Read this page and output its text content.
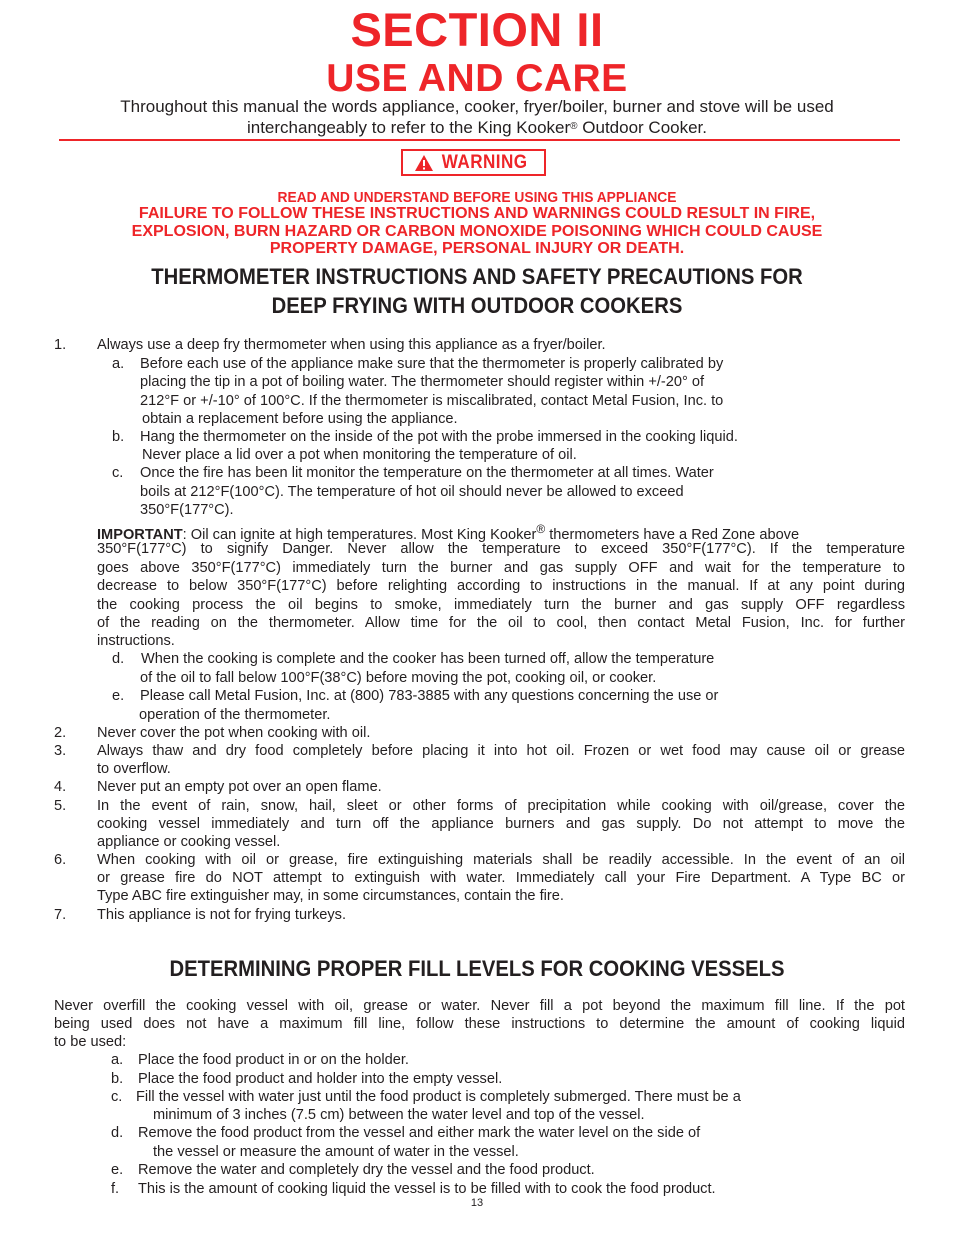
SECTION II
USE AND CARE
Throughout this manual the words appliance, cooker, fryer/boiler, burner and stove will be used
interchangeably to refer to the King Kooker® Outdoor Cooker.
WARNING
READ AND UNDERSTAND BEFORE USING THIS APPLIANCE
FAILURE TO FOLLOW THESE INSTRUCTIONS AND WARNINGS COULD RESULT IN FIRE,
EXPLOSION, BURN HAZARD OR CARBON MONOXIDE POISONING WHICH COULD CAUSE
PROPERTY DAMAGE, PERSONAL INJURY OR DEATH.
THERMOMETER INSTRUCTIONS AND SAFETY PRECAUTIONS FOR
DEEP FRYING WITH OUTDOOR COOKERS
1. Always use a deep fry thermometer when using this appliance as a fryer/boiler.
a. Before each use of the appliance make sure that the thermometer is properly calibrated by
placing the tip in a pot of boiling water. The thermometer should register within +/-20° of
212°F or +/-10° of 100°C. If the thermometer is miscalibrated, contact Metal Fusion, Inc. to
obtain a replacement before using the appliance.
b. Hang the thermometer on the inside of the pot with the probe immersed in the cooking liquid.
Never place a lid over a pot when monitoring the temperature of oil.
c. Once the fire has been lit monitor the temperature on the thermometer at all times. Water
boils at 212°F(100°C). The temperature of hot oil should never be allowed to exceed
350°F(177°C).
IMPORTANT: Oil can ignite at high temperatures. Most King Kooker® thermometers have a Red Zone above
350°F(177°C) to signify Danger. Never allow the temperature to exceed 350°F(177°C). If the temperature
goes above 350°F(177°C) immediately turn the burner and gas supply OFF and wait for the temperature to
decrease to below 350°F(177°C) before relighting according to instructions in the manual. If at any point during
the cooking process the oil begins to smoke, immediately turn the burner and gas supply OFF regardless
of the reading on the thermometer. Allow time for the oil to cool, then contact Metal Fusion, Inc. for further
instructions.
d. When the cooking is complete and the cooker has been turned off, allow the temperature
of the oil to fall below 100°F(38°C) before moving the pot, cooking oil, or cooker.
e. Please call Metal Fusion, Inc. at (800) 783-3885 with any questions concerning the use or
operation of the thermometer.
2. Never cover the pot when cooking with oil.
3. Always thaw and dry food completely before placing it into hot oil. Frozen or wet food may cause oil or grease
to overflow.
4. Never put an empty pot over an open flame.
5. In the event of rain, snow, hail, sleet or other forms of precipitation while cooking with oil/grease, cover the
cooking vessel immediately and turn off the appliance burners and gas supply. Do not attempt to move the
appliance or cooking vessel.
6. When cooking with oil or grease, fire extinguishing materials shall be readily accessible. In the event of an oil
or grease fire do NOT attempt to extinguish with water. Immediately call your Fire Department. A Type BC or
Type ABC fire extinguisher may, in some circumstances, contain the fire.
7. This appliance is not for frying turkeys.
DETERMINING PROPER FILL LEVELS FOR COOKING VESSELS
Never overfill the cooking vessel with oil, grease or water. Never fill a pot beyond the maximum fill line. If the pot
being used does not have a maximum fill line, follow these instructions to determine the amount of cooking liquid
to be used:
a. Place the food product in or on the holder.
b. Place the food product and holder into the empty vessel.
c. Fill the vessel with water just until the food product is completely submerged. There must be a
minimum of 3 inches (7.5 cm) between the water level and top of the vessel.
d. Remove the food product from the vessel and either mark the water level on the side of
the vessel or measure the amount of water in the vessel.
e. Remove the water and completely dry the vessel and the food product.
f. This is the amount of cooking liquid the vessel is to be filled with to cook the food product.
13
